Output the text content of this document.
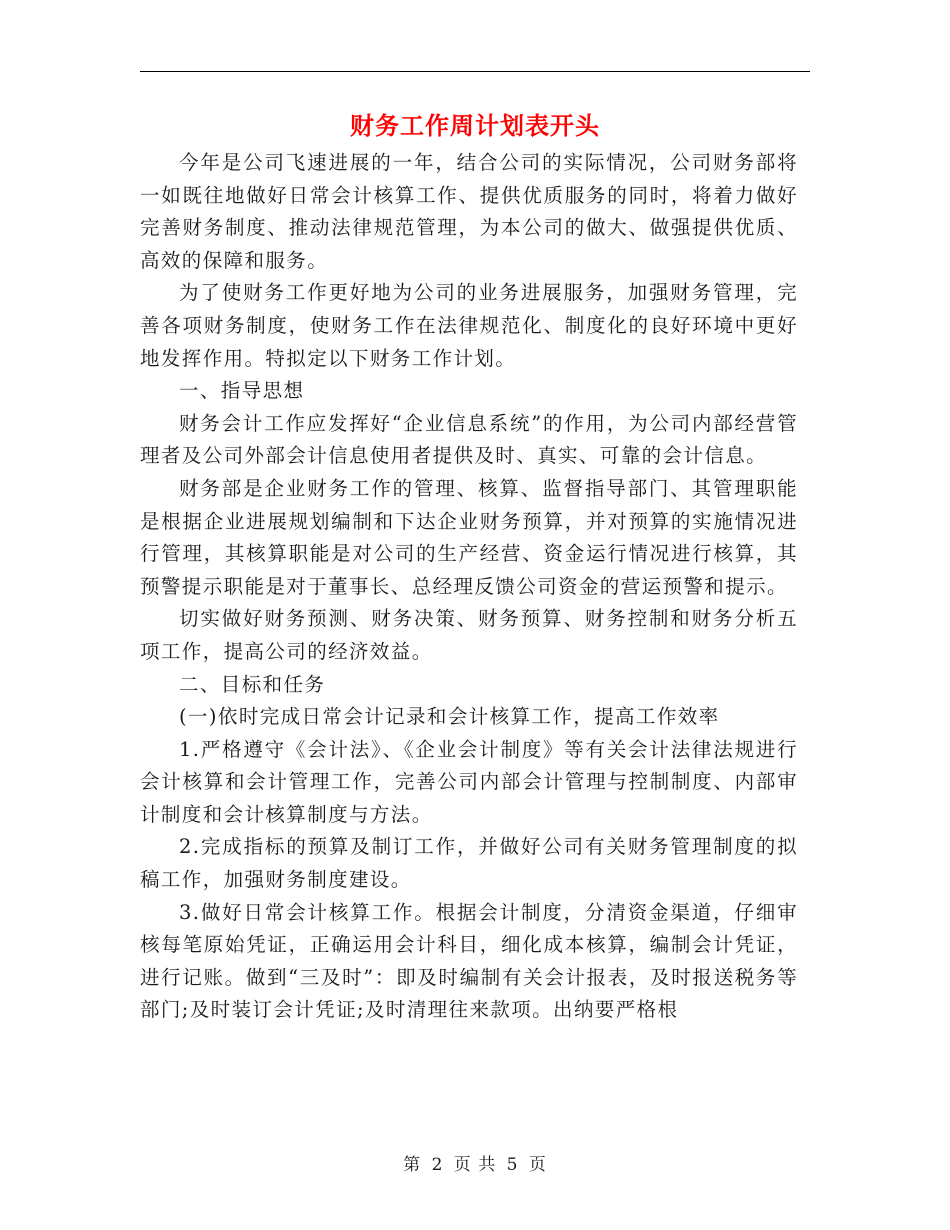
财务工作周计划表开头

今年是公司飞速进展的一年，结合公司的实际情况，公司财务部将一如既往地做好日常会计核算工作、提供优质服务的同时，将着力做好完善财务制度、推动法律规范管理，为本公司的做大、做强提供优质、高效的保障和服务。

为了使财务工作更好地为公司的业务进展服务，加强财务管理，完善各项财务制度，使财务工作在法律规范化、制度化的良好环境中更好地发挥作用。特拟定以下财务工作计划。

一、指导思想

财务会计工作应发挥好“企业信息系统”的作用，为公司内部经营管理者及公司外部会计信息使用者提供及时、真实、可靠的会计信息。

财务部是企业财务工作的管理、核算、监督指导部门、其管理职能是根据企业进展规划编制和下达企业财务预算，并对预算的实施情况进行管理，其核算职能是对公司的生产经营、资金运行情况进行核算，其预警提示职能是对于董事长、总经理反馈公司资金的营运预警和提示。

切实做好财务预测、财务决策、财务预算、财务控制和财务分析五项工作，提高公司的经济效益。

二、目标和任务

(一)依时完成日常会计记录和会计核算工作，提高工作效率

1.严格遵守《会计法》、《企业会计制度》等有关会计法律法规进行会计核算和会计管理工作，完善公司内部会计管理与控制制度、内部审计制度和会计核算制度与方法。

2.完成指标的预算及制订工作，并做好公司有关财务管理制度的拟稿工作，加强财务制度建设。

3.做好日常会计核算工作。根据会计制度，分清资金渠道，仔细审核每笔原始凭证，正确运用会计科目，细化成本核算，编制会计凭证，进行记账。做到“三及时”：即及时编制有关会计报表，及时报送税务等部门;及时装订会计凭证;及时清理往来款项。出纳要严格根

第 2 页 共 5 页
